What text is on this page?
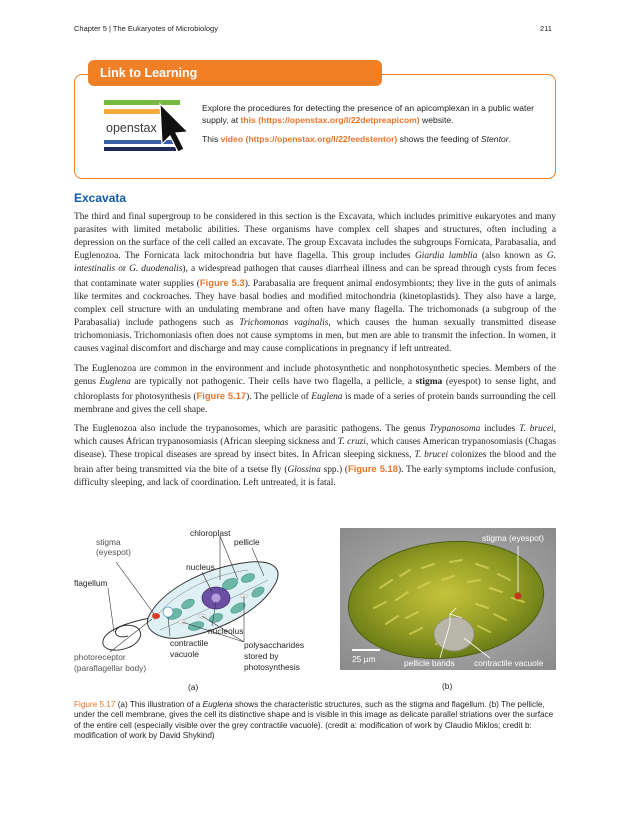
Chapter 5 | The Eukaryotes of Microbiology	211
Link to Learning
openstax

Explore the procedures for detecting the presence of an apicomplexan in a public water supply, at this (https://openstax.org/l/22detpreapicom) website.

This video (https://openstax.org/l/22feedstentor) shows the feeding of Stentor.

Excavata

The third and final supergroup to be considered in this section is the Excavata, which includes primitive eukaryotes and many parasites with limited metabolic abilities. These organisms have complex cell shapes and structures, often including a depression on the surface of the cell called an excavate. The group Excavata includes the subgroups Fornicata, Parabasalia, and Euglenozoa. The Fornicata lack mitochondria but have flagella. This group includes Giardia lamblia (also known as G. intestinalis or G. duodenalis), a widespread pathogen that causes diarrheal illness and can be spread through cysts from feces that contaminate water supplies (Figure 5.3). Parabasalia are frequent animal endosymbionts; they live in the guts of animals like termites and cockroaches. They have basal bodies and modified mitochondria (kinetoplastids). They also have a large, complex cell structure with an undulating membrane and often have many flagella. The trichomonads (a subgroup of the Parabasalia) include pathogens such as Trichomonas vaginalis, which causes the human sexually transmitted disease trichomoniasis. Trichomoniasis often does not cause symptoms in men, but men are able to transmit the infection. In women, it causes vaginal discomfort and discharge and may cause complications in pregnancy if left untreated.

The Euglenozoa are common in the environment and include photosynthetic and nonphotosynthetic species. Members of the genus Euglena are typically not pathogenic. Their cells have two flagella, a pellicle, a stigma (eyespot) to sense light, and chloroplasts for photosynthesis (Figure 5.17). The pellicle of Euglena is made of a series of protein bands surrounding the cell membrane and gives the cell shape.

The Euglenozoa also include the trypanosomes, which are parasitic pathogens. The genus Trypanosoma includes T. brucei, which causes African trypanosomiasis (African sleeping sickness and T. cruzi, which causes American trypanosomiasis (Chagas disease). These tropical diseases are spread by insect bites. In African sleeping sickness, T. brucei colonizes the blood and the brain after being transmitted via the bite of a tsetse fly (Glossina spp.) (Figure 5.18). The early symptoms include confusion, difficulty sleeping, and lack of coordination. Left untreated, it is fatal.

chloroplast
stigma
(eyespot)
pellicle
nucleus
flagellum
nucleolus
contractile
vacuole
polysaccharides
stored by
photosynthesis
photoreceptor
(paraflagellar body)
(a)
25 µm
stigma (eyespot)
pellicle bands contractile vacuole
(b)
Figure 5.17 (a) This illustration of a Euglena shows the characteristic structures, such as the stigma and flagellum. (b) The pellicle, under the cell membrane, gives the cell its distinctive shape and is visible in this image as delicate parallel striations over the surface of the entire cell (especially visible over the grey contractile vacuole). (credit a: modification of work by Claudio Miklos; credit b: modification of work by David Shykind)
